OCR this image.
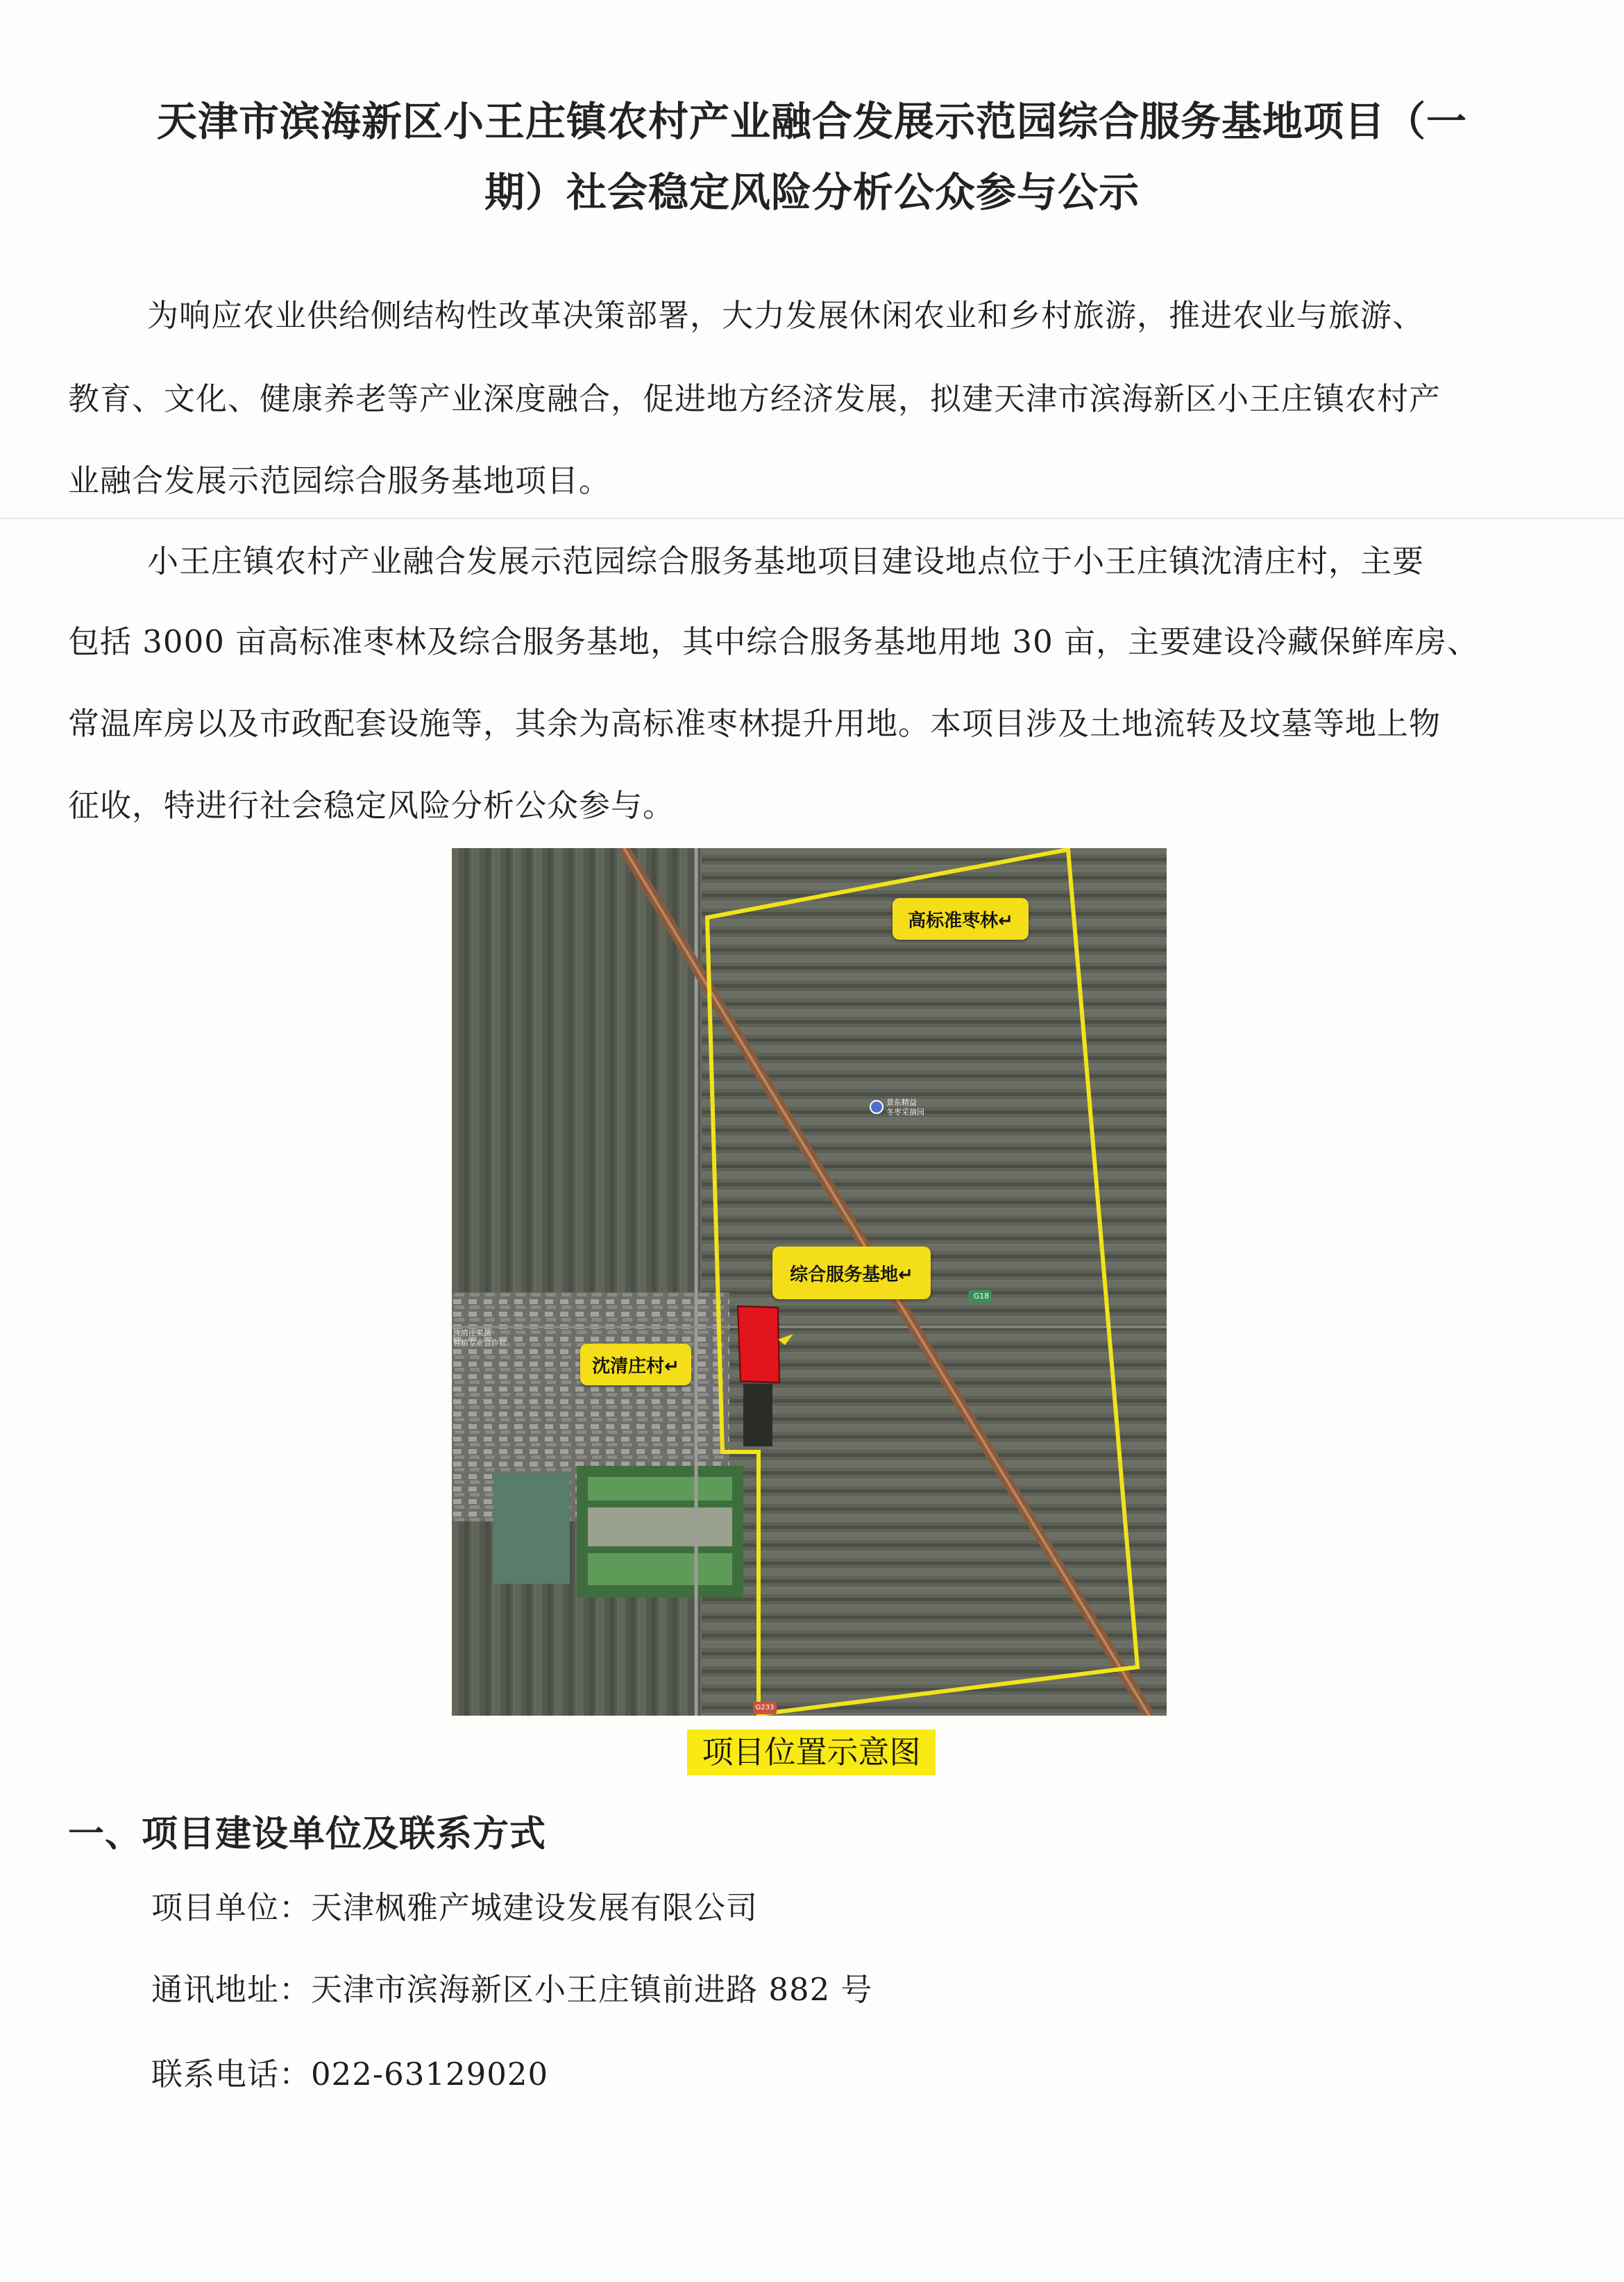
天津市滨海新区小王庄镇农村产业融合发展示范园综合服务基地项目（一
期）社会稳定风险分析公众参与公示
为响应农业供给侧结构性改革决策部署，大力发展休闲农业和乡村旅游，推进农业与旅游、
教育、文化、健康养老等产业深度融合，促进地方经济发展，拟建天津市滨海新区小王庄镇农村产
业融合发展示范园综合服务基地项目。
小王庄镇农村产业融合发展示范园综合服务基地项目建设地点位于小王庄镇沈清庄村，主要
包括 3000 亩高标准枣林及综合服务基地，其中综合服务基地用地 30 亩，主要建设冷藏保鲜库房、
常温库房以及市政配套设施等，其余为高标准枣林提升用地。本项目涉及土地流转及坟墓等地上物
征收，特进行社会稳定风险分析公众参与。
高标准枣林↵
综合服务基地↵
沈清庄村↵
景东精益
冬枣采摘园
G18
G233
沈清庄果蔬
种植专业合作社
项目位置示意图
一、项目建设单位及联系方式
项目单位：天津枫雅产城建设发展有限公司
通讯地址：天津市滨海新区小王庄镇前进路 882 号
联系电话：022-63129020
